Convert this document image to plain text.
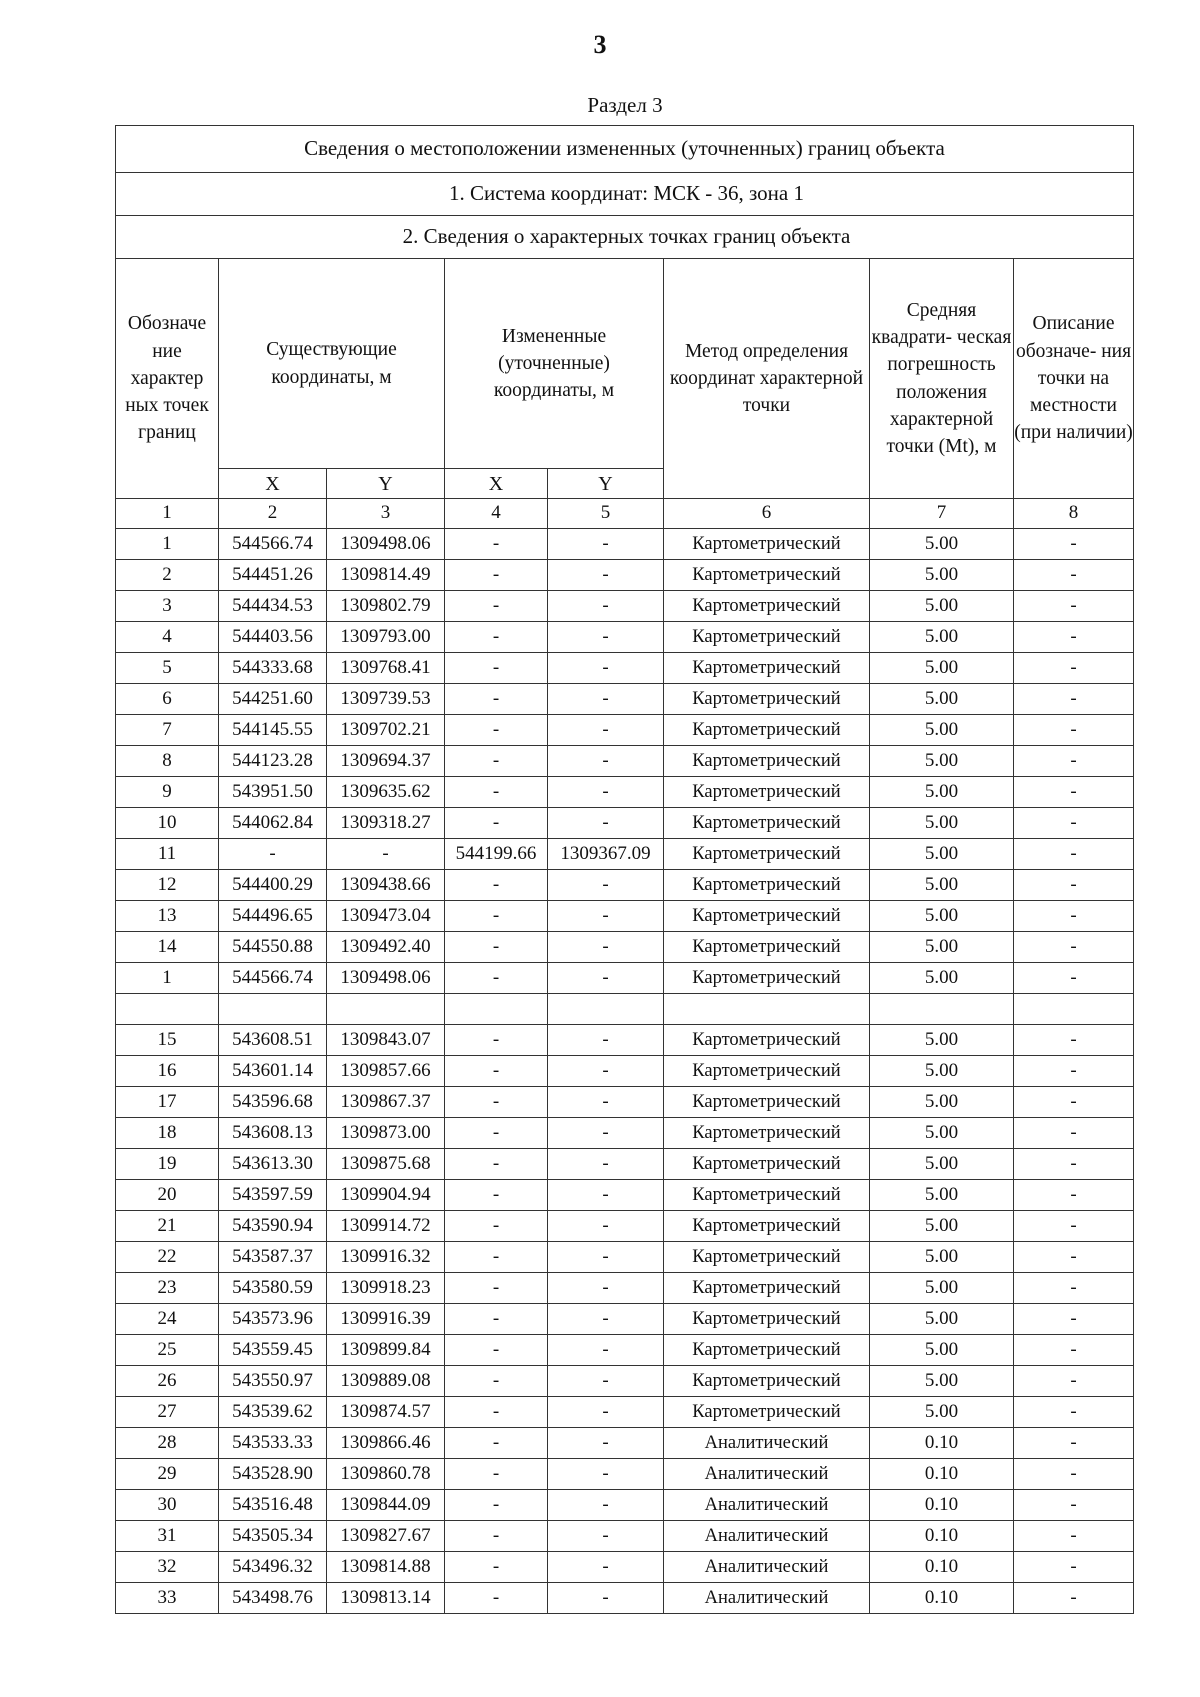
3
Раздел 3
Сведения о местоположении измененных (уточненных) границ объекта							
1. Система координат: МСК - 36, зона 1							
2. Сведения о характерных точках границ объекта							
Обозначе ние характер ных точек границ	Существующие координаты, м		Измененные (уточненные) координаты, м		Метод определения координат характерной точки	Средняя квадрати- ческая погрешность положения характерной точки (Mt), м	Описание обозначе- ния точки на местности (при наличии)
	X	Y	X	Y			
1	2	3	4	5	6	7	8
1	544566.74	1309498.06	-	-	Картометрический	5.00	-
2	544451.26	1309814.49	-	-	Картометрический	5.00	-
3	544434.53	1309802.79	-	-	Картометрический	5.00	-
4	544403.56	1309793.00	-	-	Картометрический	5.00	-
5	544333.68	1309768.41	-	-	Картометрический	5.00	-
6	544251.60	1309739.53	-	-	Картометрический	5.00	-
7	544145.55	1309702.21	-	-	Картометрический	5.00	-
8	544123.28	1309694.37	-	-	Картометрический	5.00	-
9	543951.50	1309635.62	-	-	Картометрический	5.00	-
10	544062.84	1309318.27	-	-	Картометрический	5.00	-
11	-	-	544199.66	1309367.09	Картометрический	5.00	-
12	544400.29	1309438.66	-	-	Картометрический	5.00	-
13	544496.65	1309473.04	-	-	Картометрический	5.00	-
14	544550.88	1309492.40	-	-	Картометрический	5.00	-
1	544566.74	1309498.06	-	-	Картометрический	5.00	-

15	543608.51	1309843.07	-	-	Картометрический	5.00	-
16	543601.14	1309857.66	-	-	Картометрический	5.00	-
17	543596.68	1309867.37	-	-	Картометрический	5.00	-
18	543608.13	1309873.00	-	-	Картометрический	5.00	-
19	543613.30	1309875.68	-	-	Картометрический	5.00	-
20	543597.59	1309904.94	-	-	Картометрический	5.00	-
21	543590.94	1309914.72	-	-	Картометрический	5.00	-
22	543587.37	1309916.32	-	-	Картометрический	5.00	-
23	543580.59	1309918.23	-	-	Картометрический	5.00	-
24	543573.96	1309916.39	-	-	Картометрический	5.00	-
25	543559.45	1309899.84	-	-	Картометрический	5.00	-
26	543550.97	1309889.08	-	-	Картометрический	5.00	-
27	543539.62	1309874.57	-	-	Картометрический	5.00	-
28	543533.33	1309866.46	-	-	Аналитический	0.10	-
29	543528.90	1309860.78	-	-	Аналитический	0.10	-
30	543516.48	1309844.09	-	-	Аналитический	0.10	-
31	543505.34	1309827.67	-	-	Аналитический	0.10	-
32	543496.32	1309814.88	-	-	Аналитический	0.10	-
33	543498.76	1309813.14	-	-	Аналитический	0.10	-
